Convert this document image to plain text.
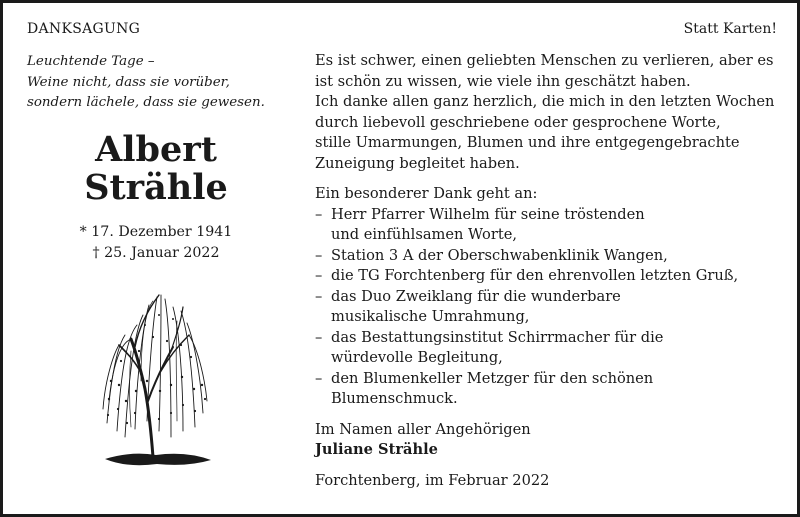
DANKSAGUNG	Statt Karten!
Leuchtende Tage –
Weine nicht, dass sie vorüber,
sondern lächele, dass sie gewesen.
Albert
Strähle
* 17. Dezember 1941
† 25. Januar 2022
Es ist schwer, einen geliebten Menschen zu verlieren, aber es
ist schön zu wissen, wie viele ihn geschätzt haben.
Ich danke allen ganz herzlich, die mich in den letzten Wochen
durch liebevoll geschriebene oder gesprochene Worte,
stille Umarmungen, Blumen und ihre entgegengebrachte
Zuneigung begleitet haben.
Ein besonderer Dank geht an:
– Herr Pfarrer Wilhelm für seine tröstenden
und einfühlsamen Worte,
– Station 3 A der Oberschwabenklinik Wangen,
– die TG Forchtenberg für den ehrenvollen letzten Gruß,
– das Duo Zweiklang für die wunderbare
musikalische Umrahmung,
– das Bestattungsinstitut Schirrmacher für die
würdevolle Begleitung,
– den Blumenkeller Metzger für den schönen
Blumenschmuck.
Im Namen aller Angehörigen
Juliane Strähle
Forchtenberg, im Februar 2022
